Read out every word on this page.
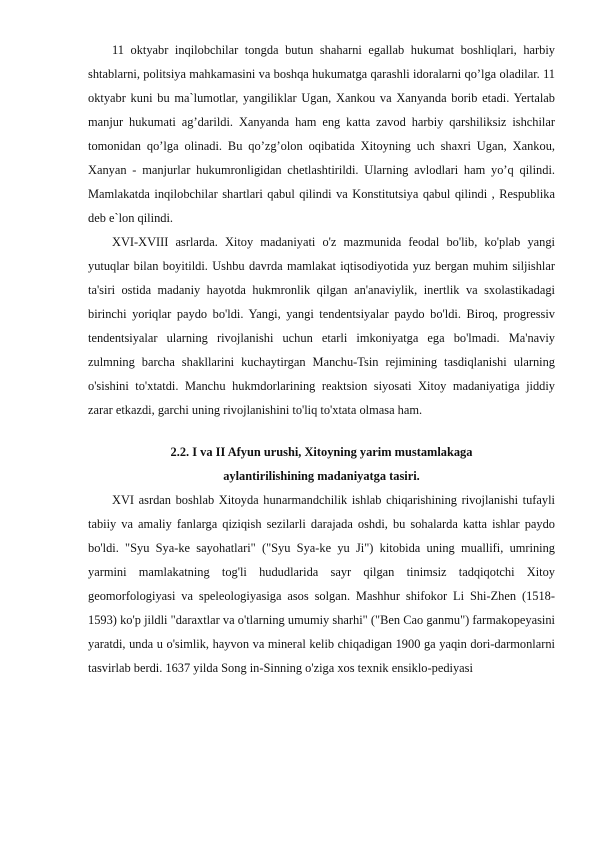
11 oktyabr inqilobchilar tongda butun shaharni egallab hukumat boshliqlari, harbiy shtablarni, politsiya mahkamasini va boshqa hukumatga qarashli idoralarni qo’lga oladilar. 11 oktyabr kuni bu ma`lumotlar, yangiliklar Ugan, Xankou va Xanyanda borib etadi. Yertalab manjur hukumati ag’darildi. Xanyanda ham eng katta zavod harbiy qarshiliksiz ishchilar tomonidan qo’lga olinadi. Bu qo’zg’olon oqibatida Xitoyning uch shaxri Ugan, Xankou, Xanyan - manjurlar hukumronligidan chetlashtirildi. Ularning avlodlari ham yo’q qilindi. Mamlakatda inqilobchilar shartlari qabul qilindi va Konstitutsiya qabul qilindi , Respublika deb e`lon qilindi.

XVI-XVIII asrlarda. Xitoy madaniyati o'z mazmunida feodal bo'lib, ko'plab yangi yutuqlar bilan boyitildi. Ushbu davrda mamlakat iqtisodiyotida yuz bergan muhim siljishlar ta'siri ostida madaniy hayotda hukmronlik qilgan an'anaviylik, inertlik va sxolastikadagi birinchi yoriqlar paydo bo'ldi. Yangi, yangi tendentsiyalar paydo bo'ldi. Biroq, progressiv tendentsiyalar ularning rivojlanishi uchun etarli imkoniyatga ega bo'lmadi. Ma'naviy zulmning barcha shakllarini kuchaytirgan Manchu-Tsin rejimining tasdiqlanishi ularning o'sishini to'xtatdi. Manchu hukmdorlarining reaktsion siyosati Xitoy madaniyatiga jiddiy zarar etkazdi, garchi uning rivojlanishini to'liq to'xtata olmasa ham.

2.2. I va II Afyun urushi, Xitoyning yarim mustamlakaga
aylantirilishining madaniyatga tasiri.

XVI asrdan boshlab Xitoyda hunarmandchilik ishlab chiqarishining rivojlanishi tufayli tabiiy va amaliy fanlarga qiziqish sezilarli darajada oshdi, bu sohalarda katta ishlar paydo bo'ldi. "Syu Sya-ke sayohatlari" ("Syu Sya-ke yu Ji") kitobida uning muallifi, umrining yarmini mamlakatning tog'li hududlarida sayr qilgan tinimsiz tadqiqotchi Xitoy geomorfologiyasi va speleologiyasiga asos solgan. Mashhur shifokor Li Shi-Zhen (1518-1593) ko'p jildli "daraxtlar va o'tlarning umumiy sharhi" ("Ben Cao ganmu") farmakopeyasini yaratdi, unda u o'simlik, hayvon va mineral kelib chiqadigan 1900 ga yaqin dori-darmonlarni tasvirlab berdi. 1637 yilda Song in-Sinning o'ziga xos texnik ensiklo-pediyasi
